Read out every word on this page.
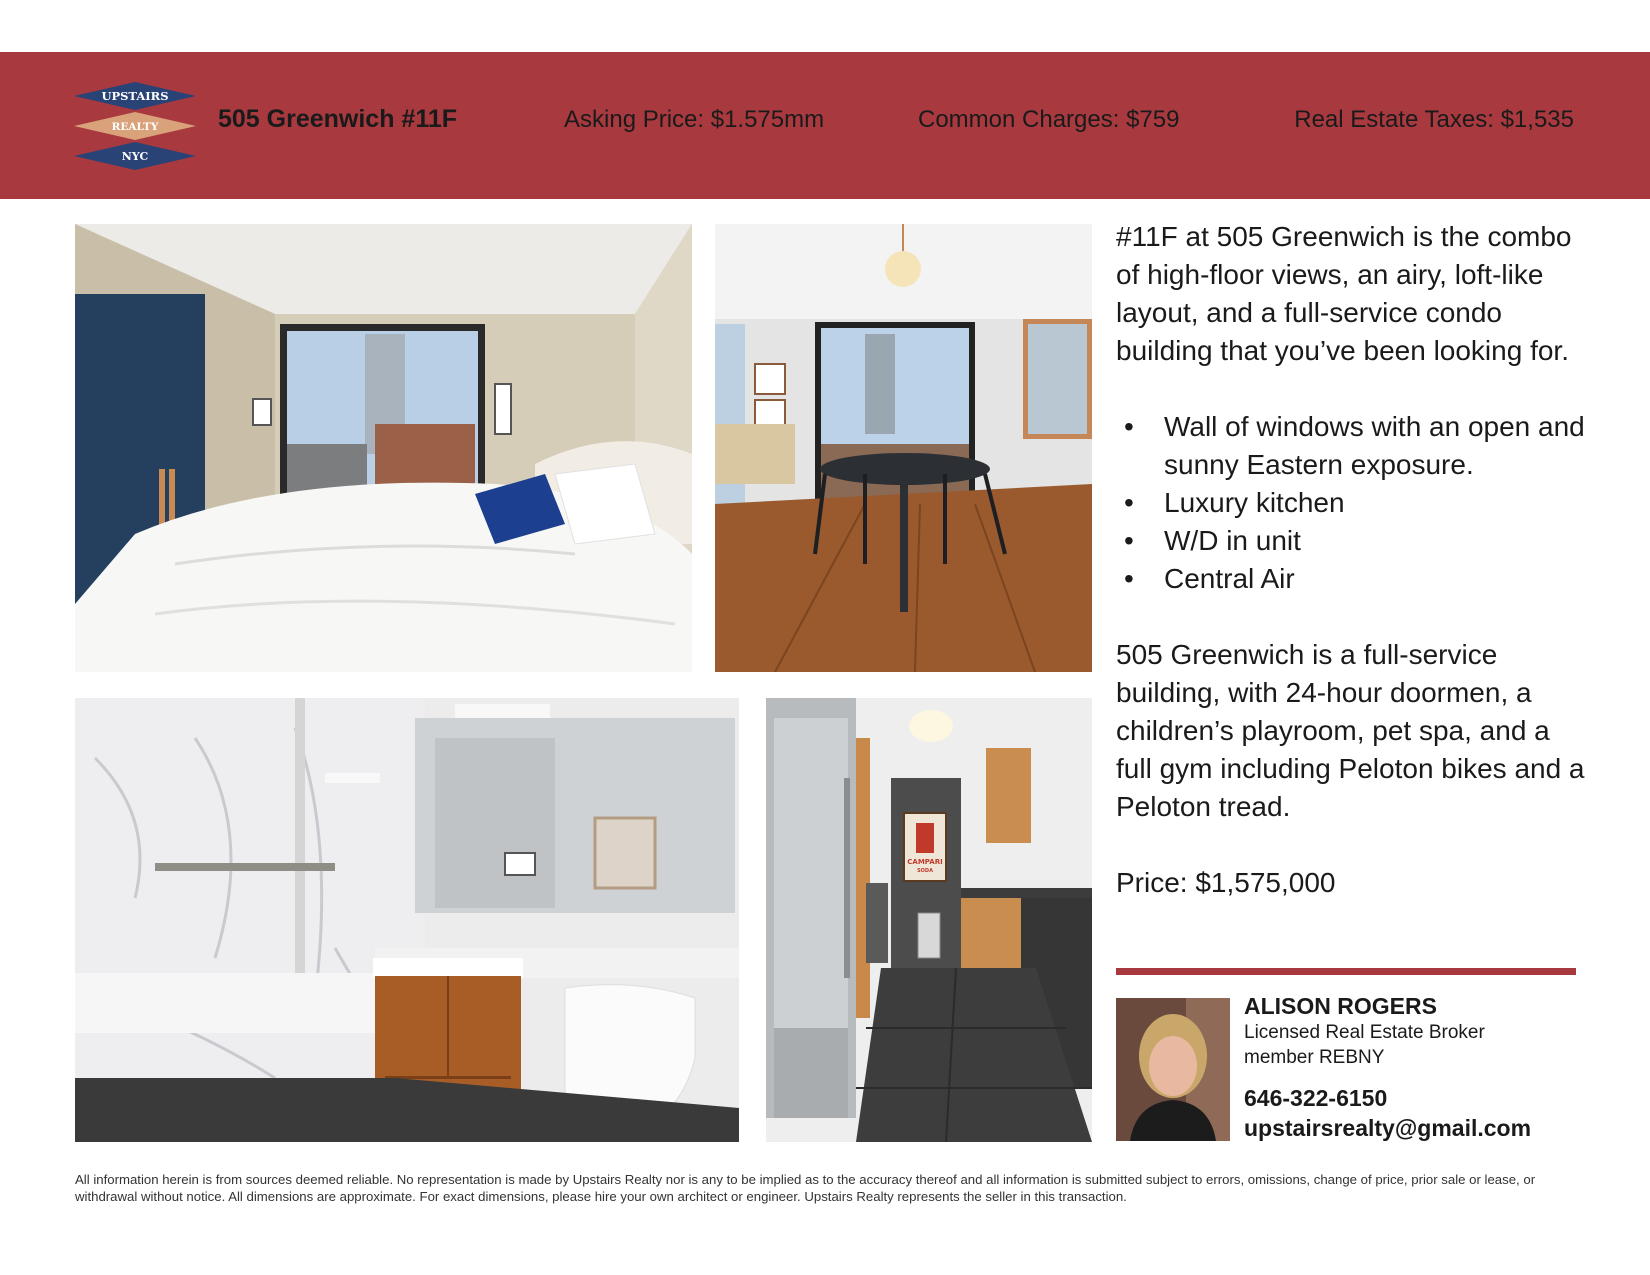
UPSTAIRS
REALTY
NYC
505 Greenwich #11F	Asking Price: $1.575mm	Common Charges: $759	Real Estate Taxes: $1,535
CAMPARI
SODA

#11F at 505 Greenwich is the combo of high-floor views, an airy, loft-like layout, and a full-service condo building that you’ve been looking for.

• Wall of windows with an open and sunny Eastern exposure.
• Luxury kitchen
• W/D in unit
• Central Air

505 Greenwich is a full-service building, with 24-hour doormen, a children’s playroom, pet spa, and a full gym including Peloton bikes and a Peloton tread.

Price: $1,575,000

ALISON ROGERS
Licensed Real Estate Broker
member REBNY
646-322-6150
upstairsrealty@gmail.com
All information herein is from sources deemed reliable. No representation is made by Upstairs Realty nor is any to be implied as to the accuracy thereof and all information is submitted subject to errors, omissions, change of price, prior sale or lease, or withdrawal without notice. All dimensions are approximate. For exact dimensions, please hire your own architect or engineer. Upstairs Realty represents the seller in this transaction.
